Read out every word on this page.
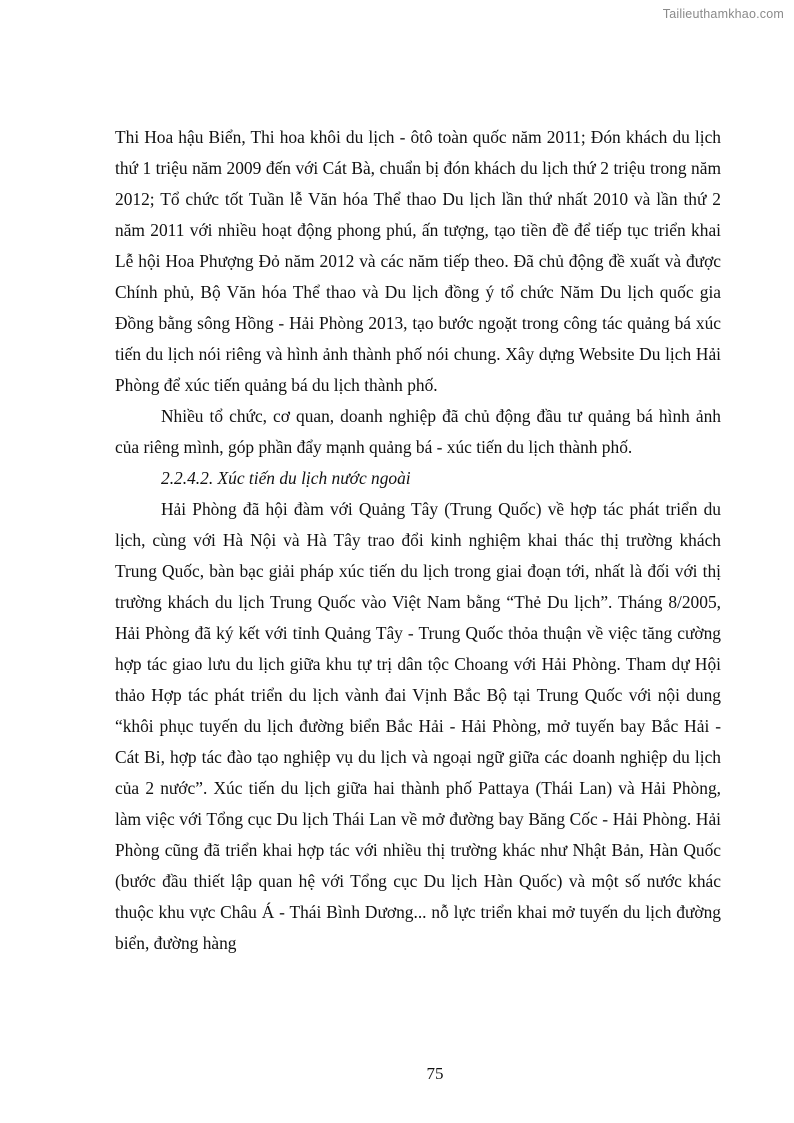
Tailieuthamkhao.com

Thi Hoa hậu Biển, Thi hoa khôi du lịch - ôtô toàn quốc năm 2011; Đón khách du lịch thứ 1 triệu năm 2009 đến với Cát Bà, chuẩn bị đón khách du lịch thứ 2 triệu trong năm 2012; Tổ chức tốt Tuần lễ Văn hóa Thể thao Du lịch lần thứ nhất 2010 và lần thứ 2 năm 2011 với nhiều hoạt động phong phú, ấn tượng, tạo tiền đề để tiếp tục triển khai Lễ hội Hoa Phượng Đỏ năm 2012 và các năm tiếp theo. Đã chủ động đề xuất và được Chính phủ, Bộ Văn hóa Thể thao và Du lịch đồng ý tổ chức Năm Du lịch quốc gia Đồng bằng sông Hồng - Hải Phòng 2013, tạo bước ngoặt trong công tác quảng bá xúc tiến du lịch nói riêng và hình ảnh thành phố nói chung. Xây dựng Website Du lịch Hải Phòng để xúc tiến quảng bá du lịch thành phố.

Nhiều tổ chức, cơ quan, doanh nghiệp đã chủ động đầu tư quảng bá hình ảnh của riêng mình, góp phần đẩy mạnh quảng bá - xúc tiến du lịch thành phố.

2.2.4.2. Xúc tiến du lịch nước ngoài

Hải Phòng đã hội đàm với Quảng Tây (Trung Quốc) về hợp tác phát triển du lịch, cùng với Hà Nội và Hà Tây trao đổi kinh nghiệm khai thác thị trường khách Trung Quốc, bàn bạc giải pháp xúc tiến du lịch trong giai đoạn tới, nhất là đối với thị trường khách du lịch Trung Quốc vào Việt Nam bằng “Thẻ Du lịch”. Tháng 8/2005, Hải Phòng đã ký kết với tỉnh Quảng Tây - Trung Quốc thỏa thuận về việc tăng cường hợp tác giao lưu du lịch giữa khu tự trị dân tộc Choang với Hải Phòng. Tham dự Hội thảo Hợp tác phát triển du lịch vành đai Vịnh Bắc Bộ tại Trung Quốc với nội dung “khôi phục tuyến du lịch đường biển Bắc Hải - Hải Phòng, mở tuyến bay Bắc Hải - Cát Bi, hợp tác đào tạo nghiệp vụ du lịch và ngoại ngữ giữa các doanh nghiệp du lịch của 2 nước”. Xúc tiến du lịch giữa hai thành phố Pattaya (Thái Lan) và Hải Phòng, làm việc với Tổng cục Du lịch Thái Lan về mở đường bay Băng Cốc - Hải Phòng. Hải Phòng cũng đã triển khai hợp tác với nhiều thị trường khác như Nhật Bản, Hàn Quốc (bước đầu thiết lập quan hệ với Tổng cục Du lịch Hàn Quốc) và một số nước khác thuộc khu vực Châu Á - Thái Bình Dương... nỗ lực triển khai mở tuyến du lịch đường biển, đường hàng

75
